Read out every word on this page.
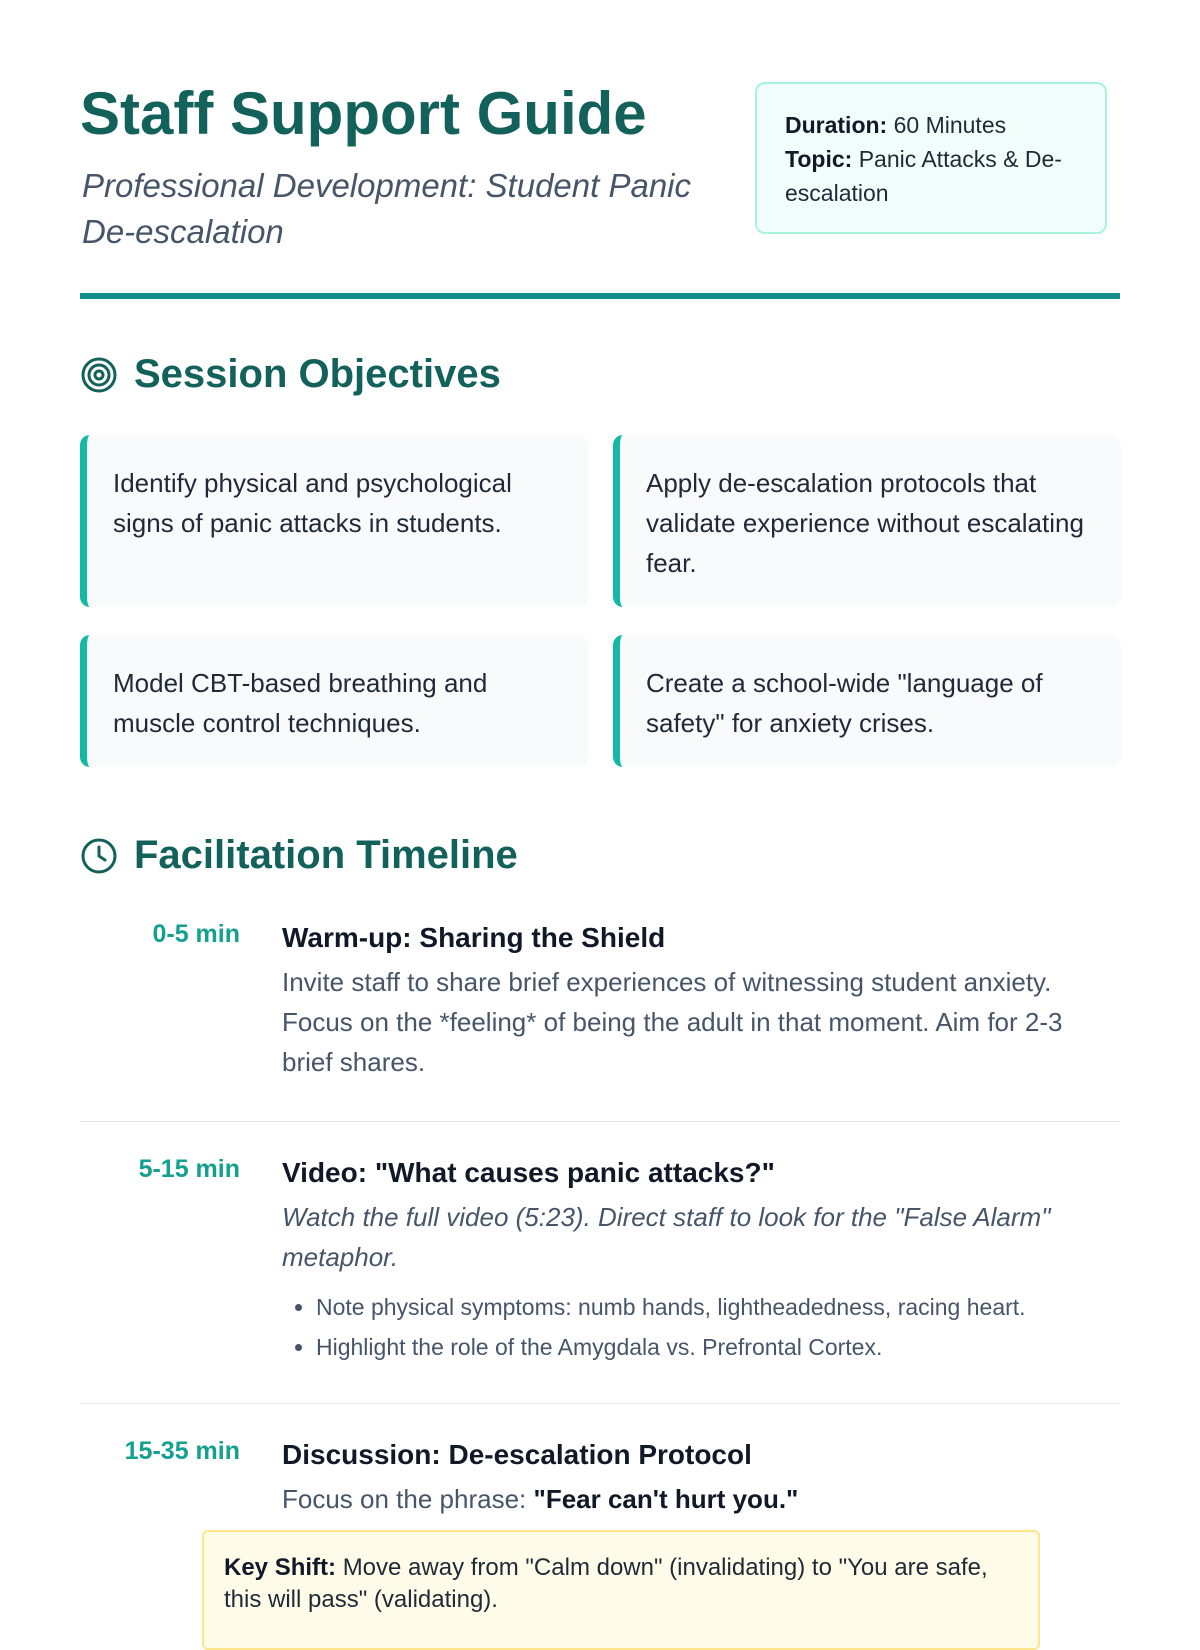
Staff Support Guide

Professional Development: Student Panic De-escalation

Duration: 60 Minutes
Topic: Panic Attacks & De-escalation
Session Objectives
Identify physical and psychological signs of panic attacks in students.
Apply de-escalation protocols that validate experience without escalating fear.
Model CBT-based breathing and muscle control techniques.
Create a school-wide "language of safety" for anxiety crises.
Facilitation Timeline
0-5 min Warm-up: Sharing the Shield

Invite staff to share brief experiences of witnessing student anxiety. Focus on the *feeling* of being the adult in that moment. Aim for 2-3 brief shares.

5-15 min Video: "What causes panic attacks?"

Watch the full video (5:23). Direct staff to look for the "False Alarm" metaphor.

• Note physical symptoms: numb hands, lightheadedness, racing heart.
• Highlight the role of the Amygdala vs. Prefrontal Cortex.
15-35 min Discussion: De-escalation Protocol

Focus on the phrase: "Fear can't hurt you."

Key Shift: Move away from "Calm down" (invalidating) to "You are safe, this will pass" (validating).
